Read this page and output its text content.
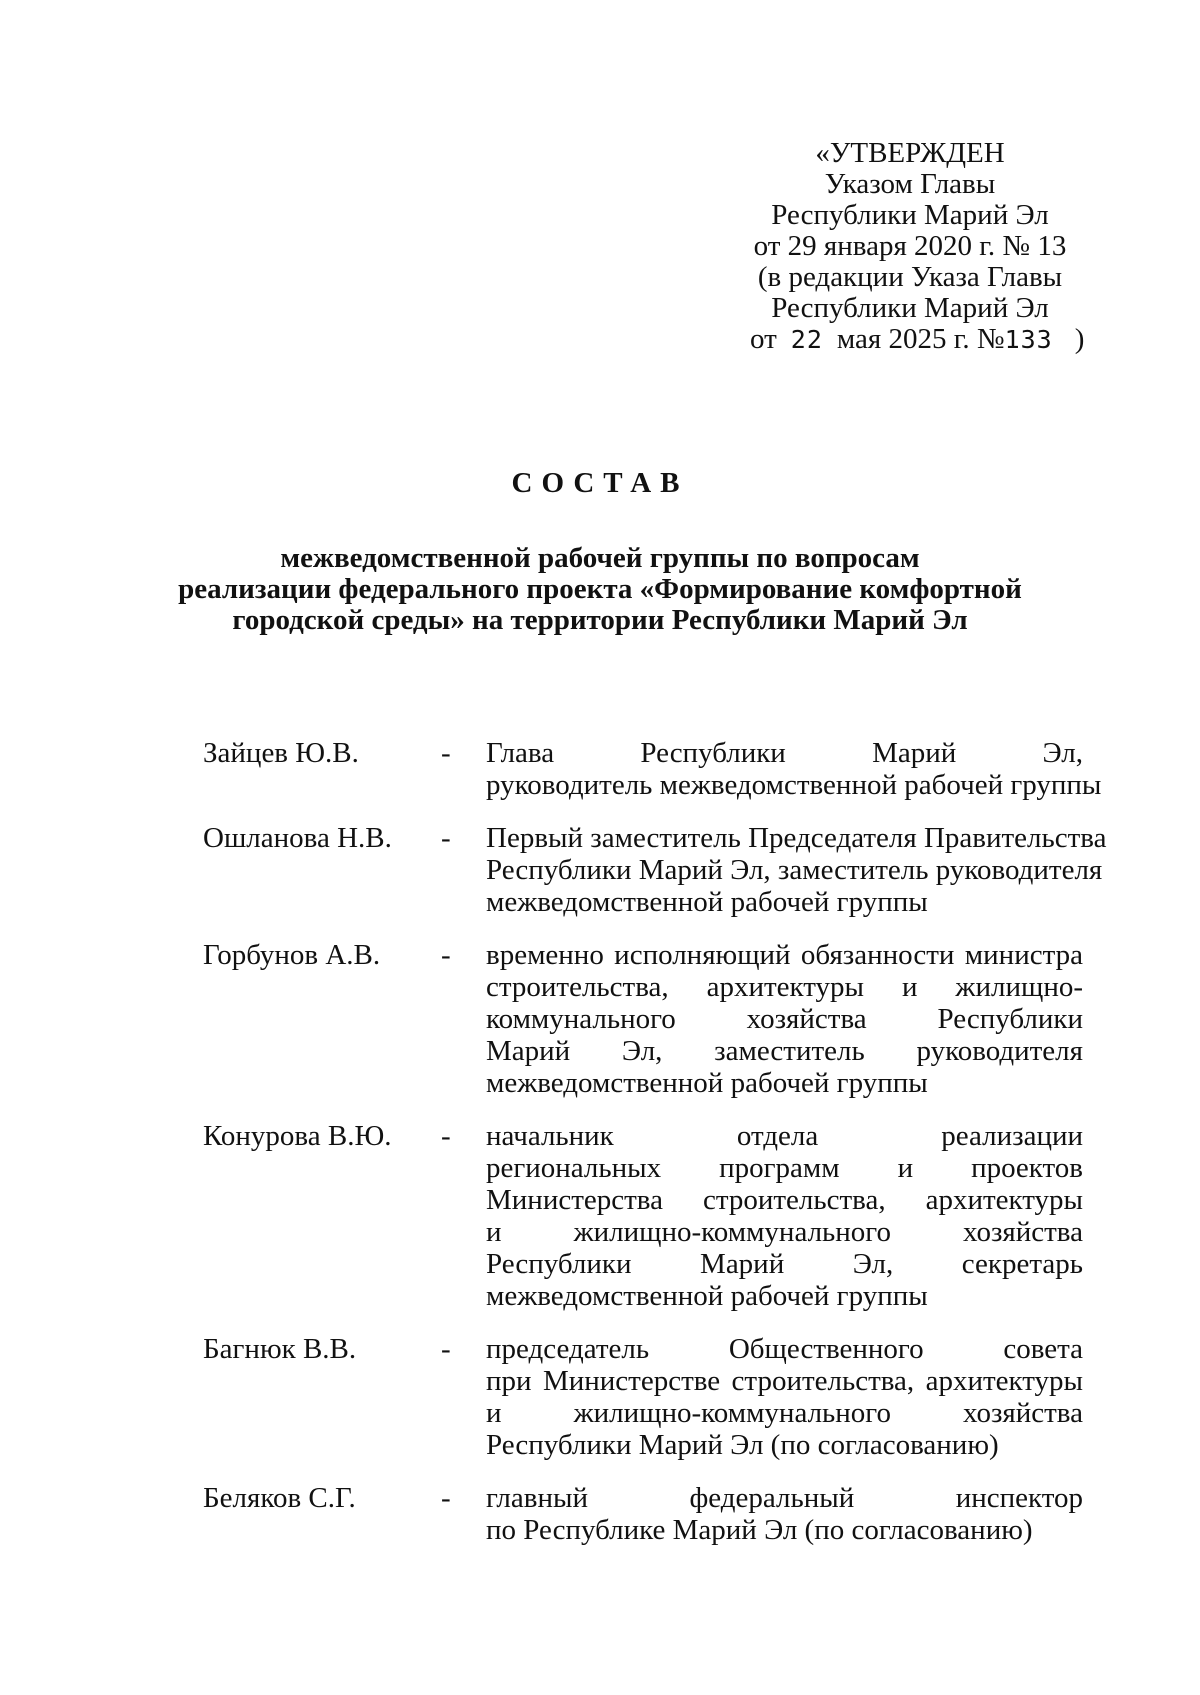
«УТВЕРЖДЕН
Указом Главы
Республики Марий Эл
от 29 января 2020 г. № 13
(в редакции Указа Главы
Республики Марий Эл
от 22 мая 2025 г. №133 )
СОСТАВ
межведомственной рабочей группы по вопросам
реализации федерального проекта «Формирование комфортной
городской среды» на территории Республики Марий Эл
Зайцев Ю.В.	- Глава Республики Марий Эл,
руководитель межведомственной рабочей группы
Ошланова Н.В. - Первый заместитель Председателя Правительства
Республики Марий Эл, заместитель руководителя
межведомственной рабочей группы
Горбунов А.В. - временно исполняющий обязанности министра
строительства, архитектуры и жилищно-
коммунального хозяйства Республики
Марий Эл, заместитель руководителя
межведомственной рабочей группы
Конурова В.Ю. - начальник отдела реализации
региональных программ и проектов
Министерства строительства, архитектуры
и жилищно-коммунального хозяйства
Республики Марий Эл, секретарь
межведомственной рабочей группы
Багнюк В.В.	- председатель Общественного совета
при Министерстве строительства, архитектуры
и жилищно-коммунального хозяйства
Республики Марий Эл (по согласованию)
Беляков С.Г.	- главный федеральный инспектор
по Республике Марий Эл (по согласованию)
